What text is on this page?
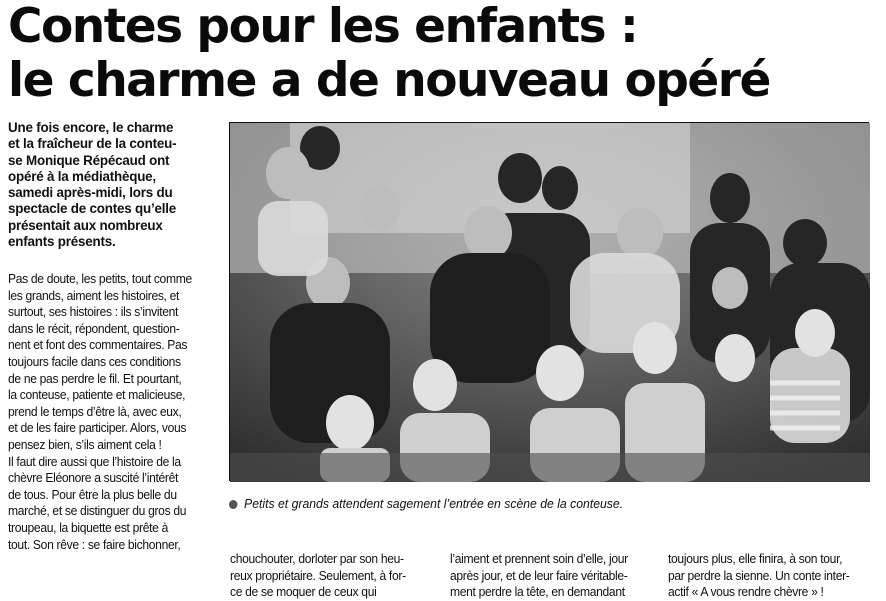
Contes pour les enfants :
le charme a de nouveau opéré
Une fois encore, le charme
et la fraîcheur de la conteu-
se Monique Répécaud ont
opéré à la médiathèque,
samedi après-midi, lors du
spectacle de contes qu’elle
présentait aux nombreux
enfants présents.
Pas de doute, les petits, tout comme
les grands, aiment les histoires, et
surtout, ses histoires : ils s’invitent
dans le récit, répondent, question-
nent et font des commentaires. Pas
toujours facile dans ces conditions
de ne pas perdre le fil. Et pourtant,
la conteuse, patiente et malicieuse,
prend le temps d’être là, avec eux,
et de les faire participer. Alors, vous
pensez bien, s’ils aiment cela !
Il faut dire aussi que l’histoire de la
chèvre Eléonore a suscité l’intérêt
de tous. Pour être la plus belle du
marché, et se distinguer du gros du
troupeau, la biquette est prête à
tout. Son rêve : se faire bichonner,
Petits et grands attendent sagement l’entrée en scène de la conteuse.
chouchouter, dorloter par son heu-
reux propriétaire. Seulement, à for-
ce de se moquer de ceux qui
l’aiment et prennent soin d’elle, jour
après jour, et de leur faire véritable-
ment perdre la tête, en demandant
toujours plus, elle finira, à son tour,
par perdre la sienne. Un conte inter-
actif « A vous rendre chèvre » !
